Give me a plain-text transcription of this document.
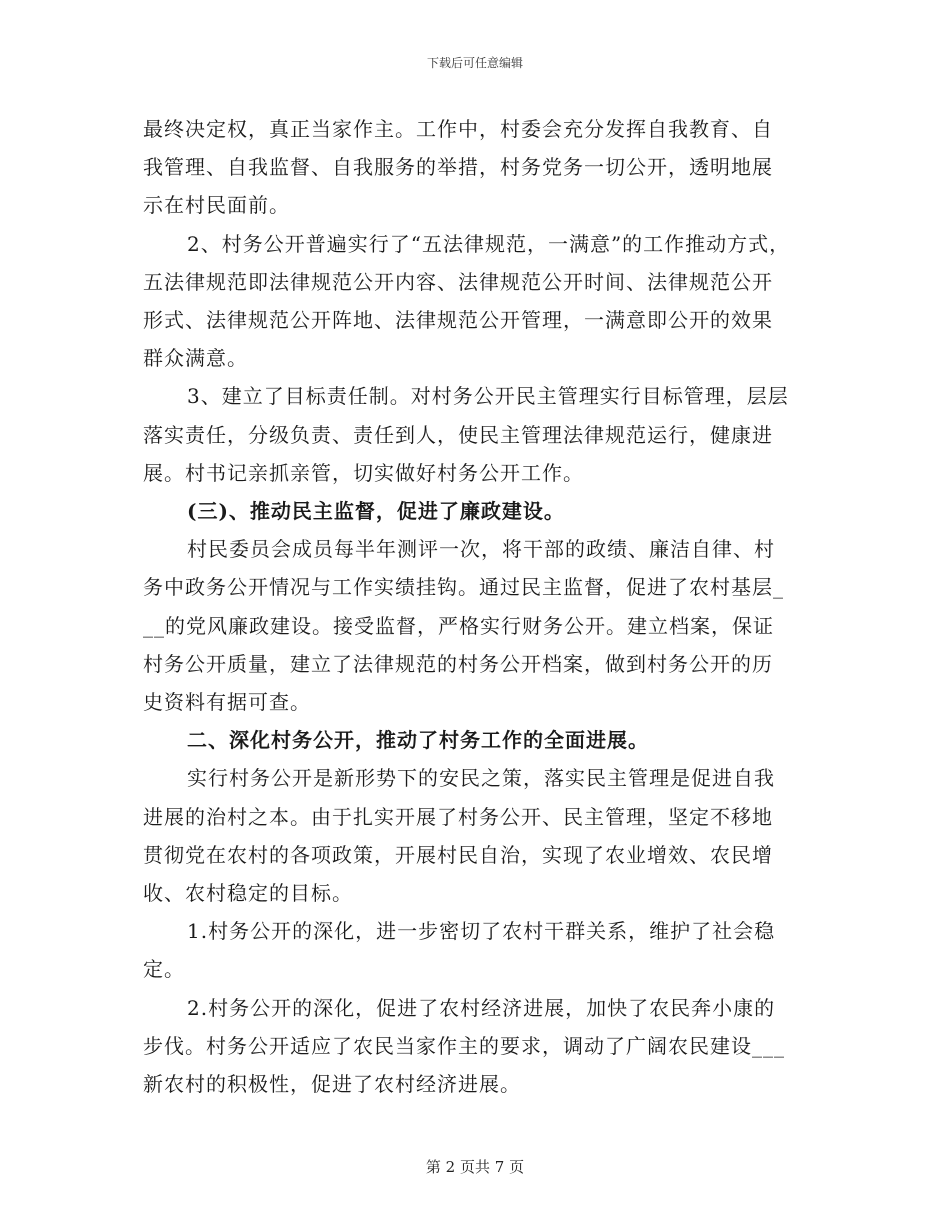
下载后可任意编辑

最终决定权，真正当家作主。工作中，村委会充分发挥自我教育、自
我管理、自我监督、自我服务的举措，村务党务一切公开，透明地展
示在村民面前。

2、村务公开普遍实行了“五法律规范，一满意”的工作推动方式，
五法律规范即法律规范公开内容、法律规范公开时间、法律规范公开
形式、法律规范公开阵地、法律规范公开管理，一满意即公开的效果
群众满意。

3、建立了目标责任制。对村务公开民主管理实行目标管理，层层
落实责任，分级负责、责任到人，使民主管理法律规范运行，健康进
展。村书记亲抓亲管，切实做好村务公开工作。

(三)、推动民主监督，促进了廉政建设。

村民委员会成员每半年测评一次，将干部的政绩、廉洁自律、村
务中政务公开情况与工作实绩挂钩。通过民主监督，促进了农村基层_
__的党风廉政建设。接受监督，严格实行财务公开。建立档案，保证
村务公开质量，建立了法律规范的村务公开档案，做到村务公开的历
史资料有据可查。

二、深化村务公开，推动了村务工作的全面进展。

实行村务公开是新形势下的安民之策，落实民主管理是促进自我
进展的治村之本。由于扎实开展了村务公开、民主管理，坚定不移地
贯彻党在农村的各项政策，开展村民自治，实现了农业增效、农民增
收、农村稳定的目标。

1.村务公开的深化，进一步密切了农村干群关系，维护了社会稳
定。

2.村务公开的深化，促进了农村经济进展，加快了农民奔小康的
步伐。村务公开适应了农民当家作主的要求，调动了广阔农民建设___
新农村的积极性，促进了农村经济进展。

第 2 页共 7 页
